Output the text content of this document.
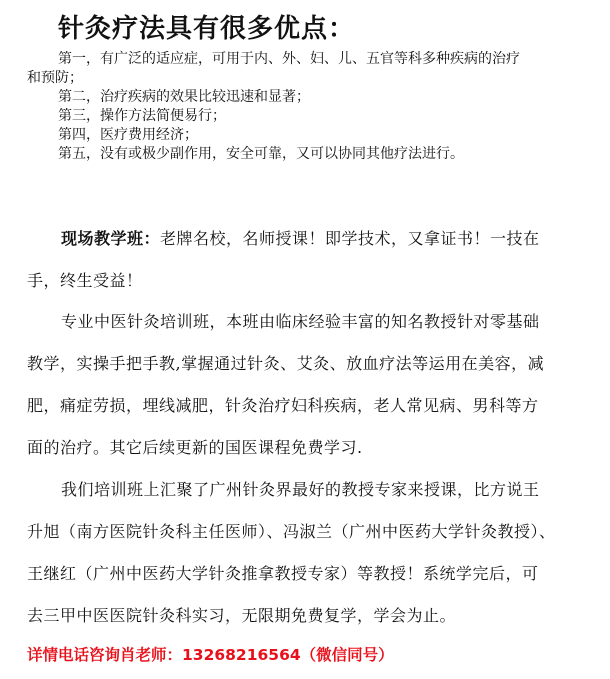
针灸疗法具有很多优点：
第一，有广泛的适应症，可用于内、外、妇、儿、五官等科多种疾病的治疗
和预防；
第二，治疗疾病的效果比较迅速和显著；
第三，操作方法简便易行；
第四，医疗费用经济；
第五，没有或极少副作用，安全可靠，又可以协同其他疗法进行。
现场教学班：老牌名校，名师授课！即学技术，又拿证书！一技在
手，终生受益！
专业中医针灸培训班，本班由临床经验丰富的知名教授针对零基础
教学，实操手把手教,掌握通过针灸、艾灸、放血疗法等运用在美容，减
肥，痛症劳损，埋线减肥，针灸治疗妇科疾病，老人常见病、男科等方
面的治疗。其它后续更新的国医课程免费学习.
我们培训班上汇聚了广州针灸界最好的教授专家来授课，比方说王
升旭（南方医院针灸科主任医师）、冯淑兰（广州中医药大学针灸教授）、
王继红（广州中医药大学针灸推拿教授专家）等教授！系统学完后，可
去三甲中医医院针灸科实习，无限期免费复学，学会为止。
详情电话咨询肖老师：13268216564（微信同号）
